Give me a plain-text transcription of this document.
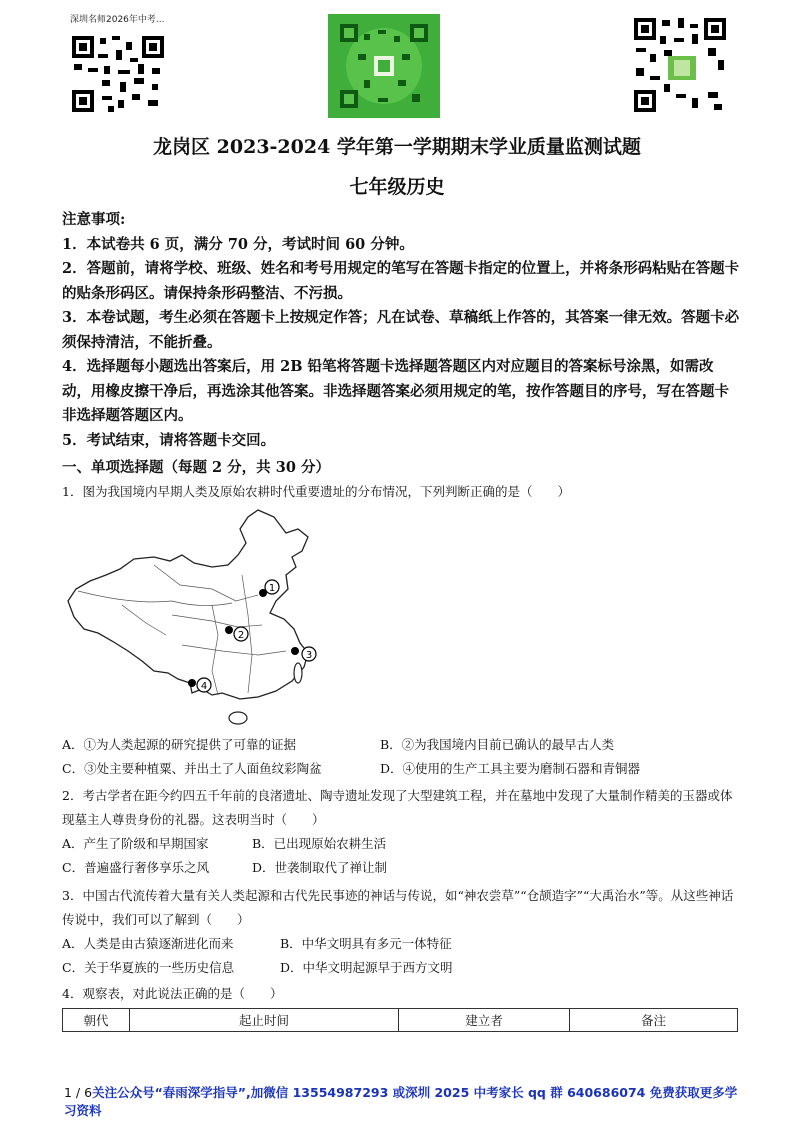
深圳名师2026年中考...
龙岗区 2023-2024 学年第一学期期末学业质量监测试题
七年级历史

注意事项:

1．本试卷共 6 页，满分 70 分，考试时间 60 分钟。

2．答题前，请将学校、班级、姓名和考号用规定的笔写在答题卡指定的位置上，并将条形码粘贴在答题卡的贴条形码区。请保持条形码整洁、不污损。

3．本卷试题，考生必须在答题卡上按规定作答；凡在试卷、草稿纸上作答的，其答案一律无效。答题卡必须保持清洁，不能折叠。

4．选择题每小题选出答案后，用 2B 铅笔将答题卡选择题答题区内对应题目的答案标号涂黑，如需改动，用橡皮擦干净后，再选涂其他答案。非选择题答案必须用规定的笔，按作答题目的序号，写在答题卡非选择题答题区内。

5．考试结束，请将答题卡交回。

一、单项选择题（每题 2 分，共 30 分）

1．图为我国境内早期人类及原始农耕时代重要遗址的分布情况，下列判断正确的是（　　）

1
2
3
4
A．①为人类起源的研究提供了可靠的证据	B．②为我国境内目前已确认的最早古人类
C．③处主要种植粟、并出土了人面鱼纹彩陶盆	D．④使用的生产工具主要为磨制石器和青铜器

2．考古学者在距今约四五千年前的良渚遗址、陶寺遗址发现了大型建筑工程，并在墓地中发现了大量制作精美的玉器或体现墓主人尊贵身份的礼器。这表明当时（　　）

A．产生了阶级和早期国家	B．已出现原始农耕生活
C．普遍盛行奢侈享乐之风	D．世袭制取代了禅让制

3．中国古代流传着大量有关人类起源和古代先民事迹的神话与传说，如“神农尝草”“仓颉造字”“大禹治水”等。从这些神话传说中，我们可以了解到（　　）

A．人类是由古猿逐渐进化而来	B．中华文明具有多元一体特征
C．关于华夏族的一些历史信息	D．中华文明起源早于西方文明

4．观察表，对此说法正确的是（　　）

朝代	起止时间	建立者	备注
1 / 6关注公众号“春雨深学指导”,加微信 13554987293 或深圳 2025 中考家长 qq 群 640686074 免费获取更多学习资料
